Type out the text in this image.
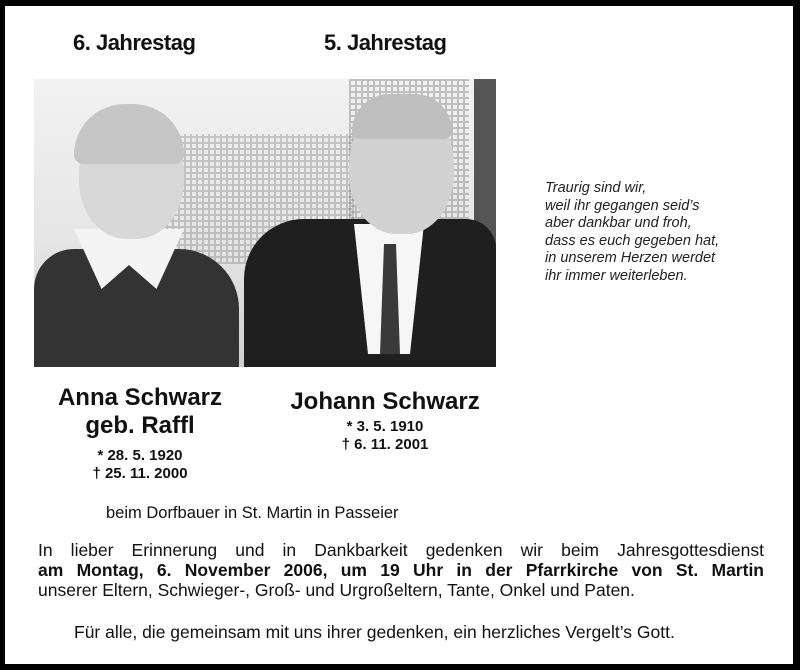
6. Jahrestag	5. Jahrestag
Traurig sind wir,
weil ihr gegangen seid’s
aber dankbar und froh,
dass es euch gegeben hat,
in unserem Herzen werdet
ihr immer weiterleben.
Anna Schwarz
geb. Raffl
* 28. 5. 1920
† 25. 11. 2000
Johann Schwarz
* 3. 5. 1910
† 6. 11. 2001
beim Dorfbauer in St. Martin in Passeier
In lieber Erinnerung und in Dankbarkeit gedenken wir beim Jahresgottesdienst
am Montag, 6. November 2006, um 19 Uhr in der Pfarrkirche von St. Martin
unserer Eltern, Schwieger-, Groß- und Urgroßeltern, Tante, Onkel und Paten.
Für alle, die gemeinsam mit uns ihrer gedenken, ein herzliches Vergelt’s Gott.
